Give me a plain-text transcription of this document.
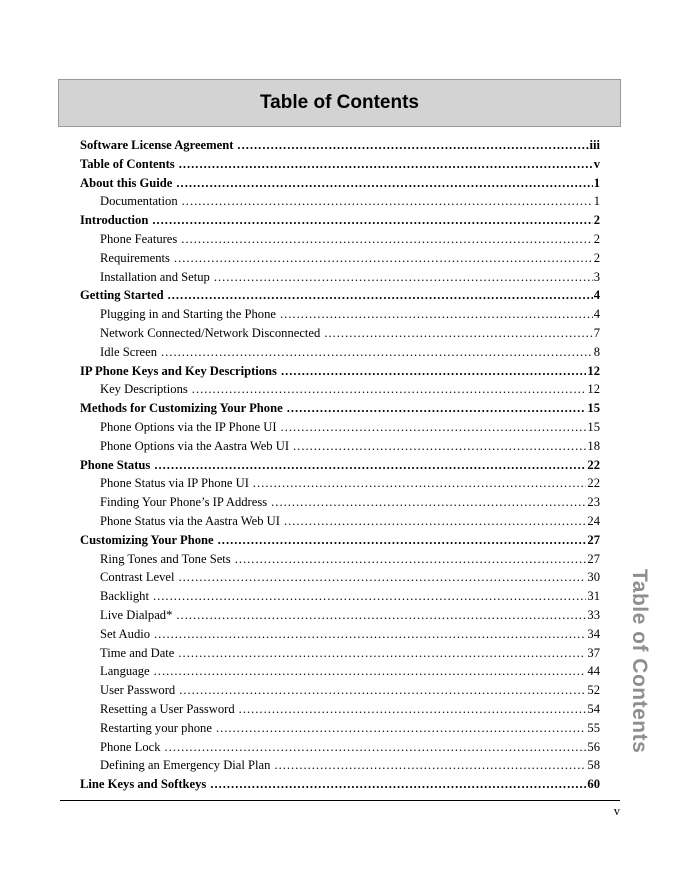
Table of Contents
Software License Agreement .....	iii
Table of Contents .....	v
About this Guide .....	1
Documentation .....	1
Introduction .....	2
Phone Features .....	2
Requirements .....	2
Installation and Setup .....	3
Getting Started .....	4
Plugging in and Starting the Phone .....	4
Network Connected/Network Disconnected .....	7
Idle Screen .....	8
IP Phone Keys and Key Descriptions .....	12
Key Descriptions .....	12
Methods for Customizing Your Phone .....	15
Phone Options via the IP Phone UI .....	15
Phone Options via the Aastra Web UI .....	18
Phone Status .....	22
Phone Status via IP Phone UI .....	22
Finding Your Phone’s IP Address .....	23
Phone Status via the Aastra Web UI .....	24
Customizing Your Phone .....	27
Ring Tones and Tone Sets .....	27
Contrast Level .....	30
Backlight .....	31
Live Dialpad* .....	33
Set Audio .....	34
Time and Date .....	37
Language .....	44
User Password .....	52
Resetting a User Password .....	54
Restarting your phone .....	55
Phone Lock .....	56
Defining an Emergency Dial Plan .....	58
Line Keys and Softkeys .....	60
Table of Contents
v
